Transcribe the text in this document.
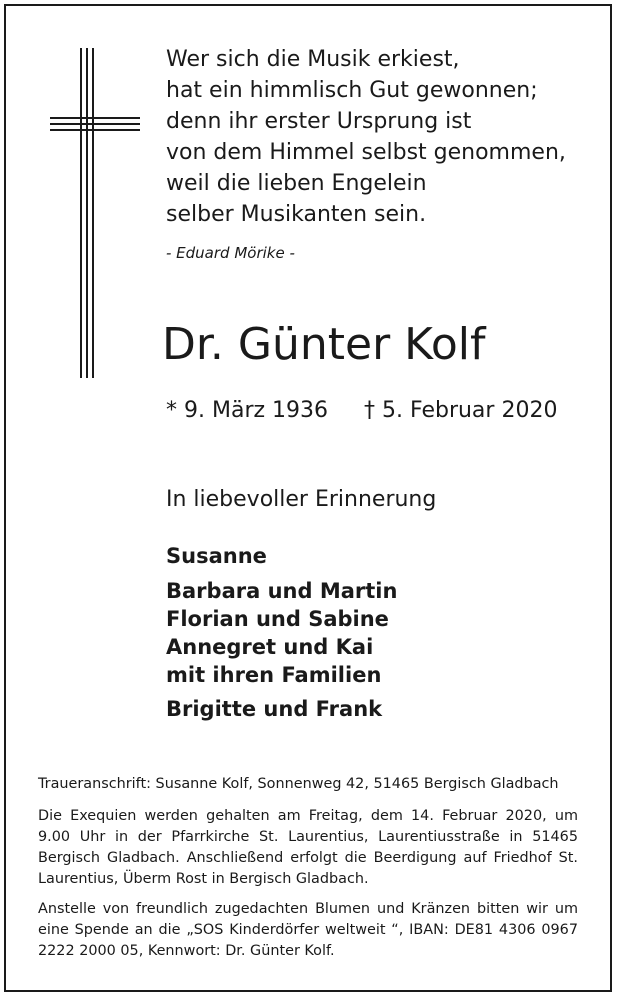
Wer sich die Musik erkiest,
hat ein himmlisch Gut gewonnen;
denn ihr erster Ursprung ist
von dem Himmel selbst genommen,
weil die lieben Engelein
selber Musikanten sein.
- Eduard Mörike -
Dr. Günter Kolf
* 9. März 1936 † 5. Februar 2020
In liebevoller Erinnerung
Susanne
Barbara und Martin
Florian und Sabine
Annegret und Kai
mit ihren Familien
Brigitte und Frank
Traueranschrift: Susanne Kolf, Sonnenweg 42, 51465 Bergisch Gladbach
Die Exequien werden gehalten am Freitag, dem 14. Februar 2020, um 9.00 Uhr in der Pfarrkirche St. Laurentius, Laurentiusstraße in 51465 Bergisch Gladbach. Anschließend erfolgt die Beerdigung auf Friedhof St. Laurentius, Überm Rost in Bergisch Gladbach.
Anstelle von freundlich zugedachten Blumen und Kränzen bitten wir um eine Spende an die „SOS Kinderdörfer weltweit “, IBAN: DE81 4306 0967 2222 2000 05, Kennwort: Dr. Günter Kolf.
